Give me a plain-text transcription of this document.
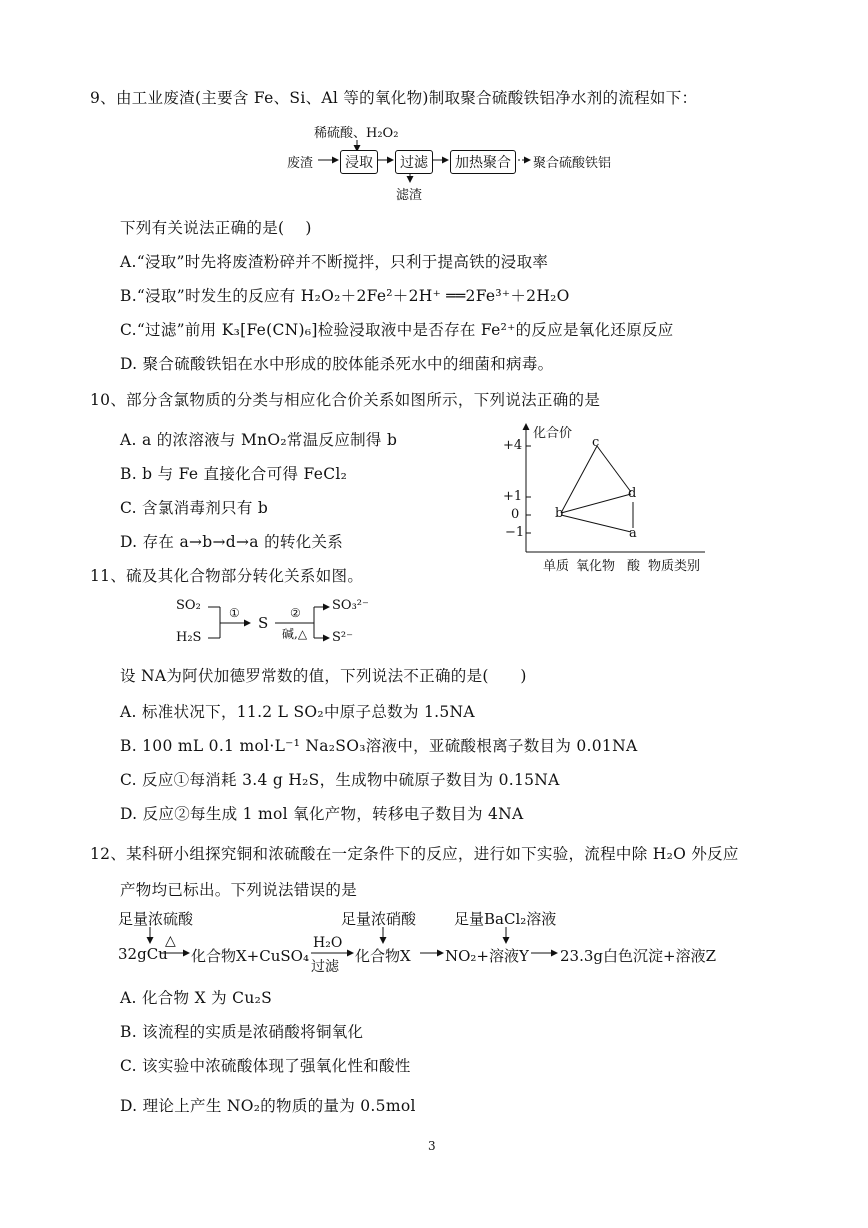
9、由工业废渣(主要含 Fe、Si、Al 等的氧化物)制取聚合硫酸铁铝净水剂的流程如下：
稀硫酸、H₂O₂
废渣	浸取	过滤	加热聚合	聚合硫酸铁铝
滤渣
下列有关说法正确的是(　 )
A.“浸取”时先将废渣粉碎并不断搅拌，只利于提高铁的浸取率
B.“浸取”时发生的反应有 H₂O₂＋2Fe²＋2H⁺ ══2Fe³⁺＋2H₂O
C.“过滤”前用 K₃[Fe(CN)₆]检验浸取液中是否存在 Fe²⁺的反应是氧化还原反应
D. 聚合硫酸铁铝在水中形成的胶体能杀死水中的细菌和病毒。
10、部分含氯物质的分类与相应化合价关系如图所示，下列说法正确的是
A. a 的浓溶液与 MnO₂常温反应制得 b
B. b 与 Fe 直接化合可得 FeCl₂
C. 含氯消毒剂只有 b
D. 存在 a→b→d→a 的转化关系
化合价
+4
+1
0
−1
c
d
b
a
单质 氧化物 酸 物质类别
11、硫及其化合物部分转化关系如图。
SO₂
H₂S
①
S
②
碱,△
SO₃²⁻
S²⁻
设 NA为阿伏加德罗常数的值，下列说法不正确的是(　　)
A. 标准状况下，11.2 L SO₂中原子总数为 1.5NA
B. 100 mL 0.1 mol·L⁻¹ Na₂SO₃溶液中，亚硫酸根离子数目为 0.01NA
C. 反应①每消耗 3.4 g H₂S，生成物中硫原子数目为 0.15NA
D. 反应②每生成 1 mol 氧化产物，转移电子数目为 4NA
12、某科研小组探究铜和浓硫酸在一定条件下的反应，进行如下实验，流程中除 H₂O 外反应
产物均已标出。下列说法错误的是
足量浓硫酸	足量浓硝酸	足量BaCl₂溶液
32gCu
△
化合物X+CuSO₄
H₂O
过滤
化合物X NO₂+溶液Y 23.3g白色沉淀+溶液Z
A. 化合物 X 为 Cu₂S
B. 该流程的实质是浓硝酸将铜氧化
C. 该实验中浓硫酸体现了强氧化性和酸性
D. 理论上产生 NO₂的物质的量为 0.5mol
3
